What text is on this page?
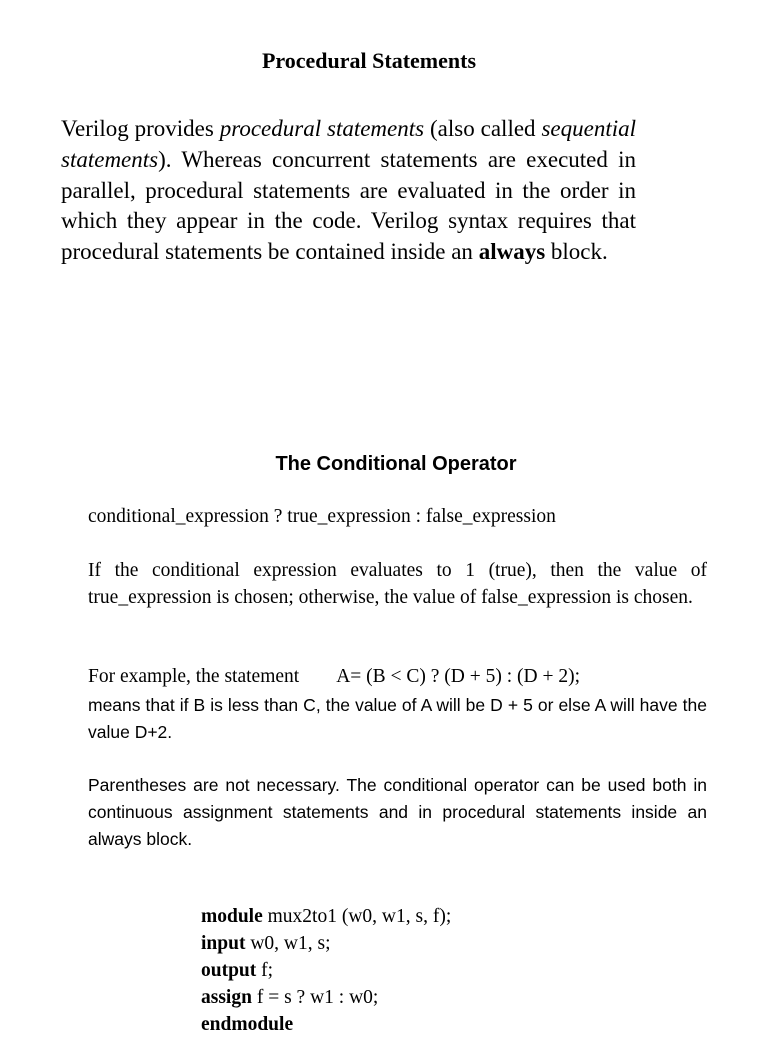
Procedural Statements
Verilog provides procedural statements (also called sequential statements). Whereas concurrent statements are executed in parallel, procedural statements are evaluated in the order in which they appear in the code. Verilog syntax requires that procedural statements be contained inside an always block.
The Conditional Operator
conditional_expression ? true_expression : false_expression
If the conditional expression evaluates to 1 (true), then the value of true_expression is chosen; otherwise, the value of false_expression is chosen.
For example, the statement A= (B < C) ? (D + 5) : (D + 2);
means that if B is less than C, the value of A will be D + 5 or else A will have the value D+2.
Parentheses are not necessary. The conditional operator can be used both in continuous assignment statements and in procedural statements inside an always block.
module mux2to1 (w0, w1, s, f);
input w0, w1, s;
output f;
assign f = s ? w1 : w0;
endmodule
